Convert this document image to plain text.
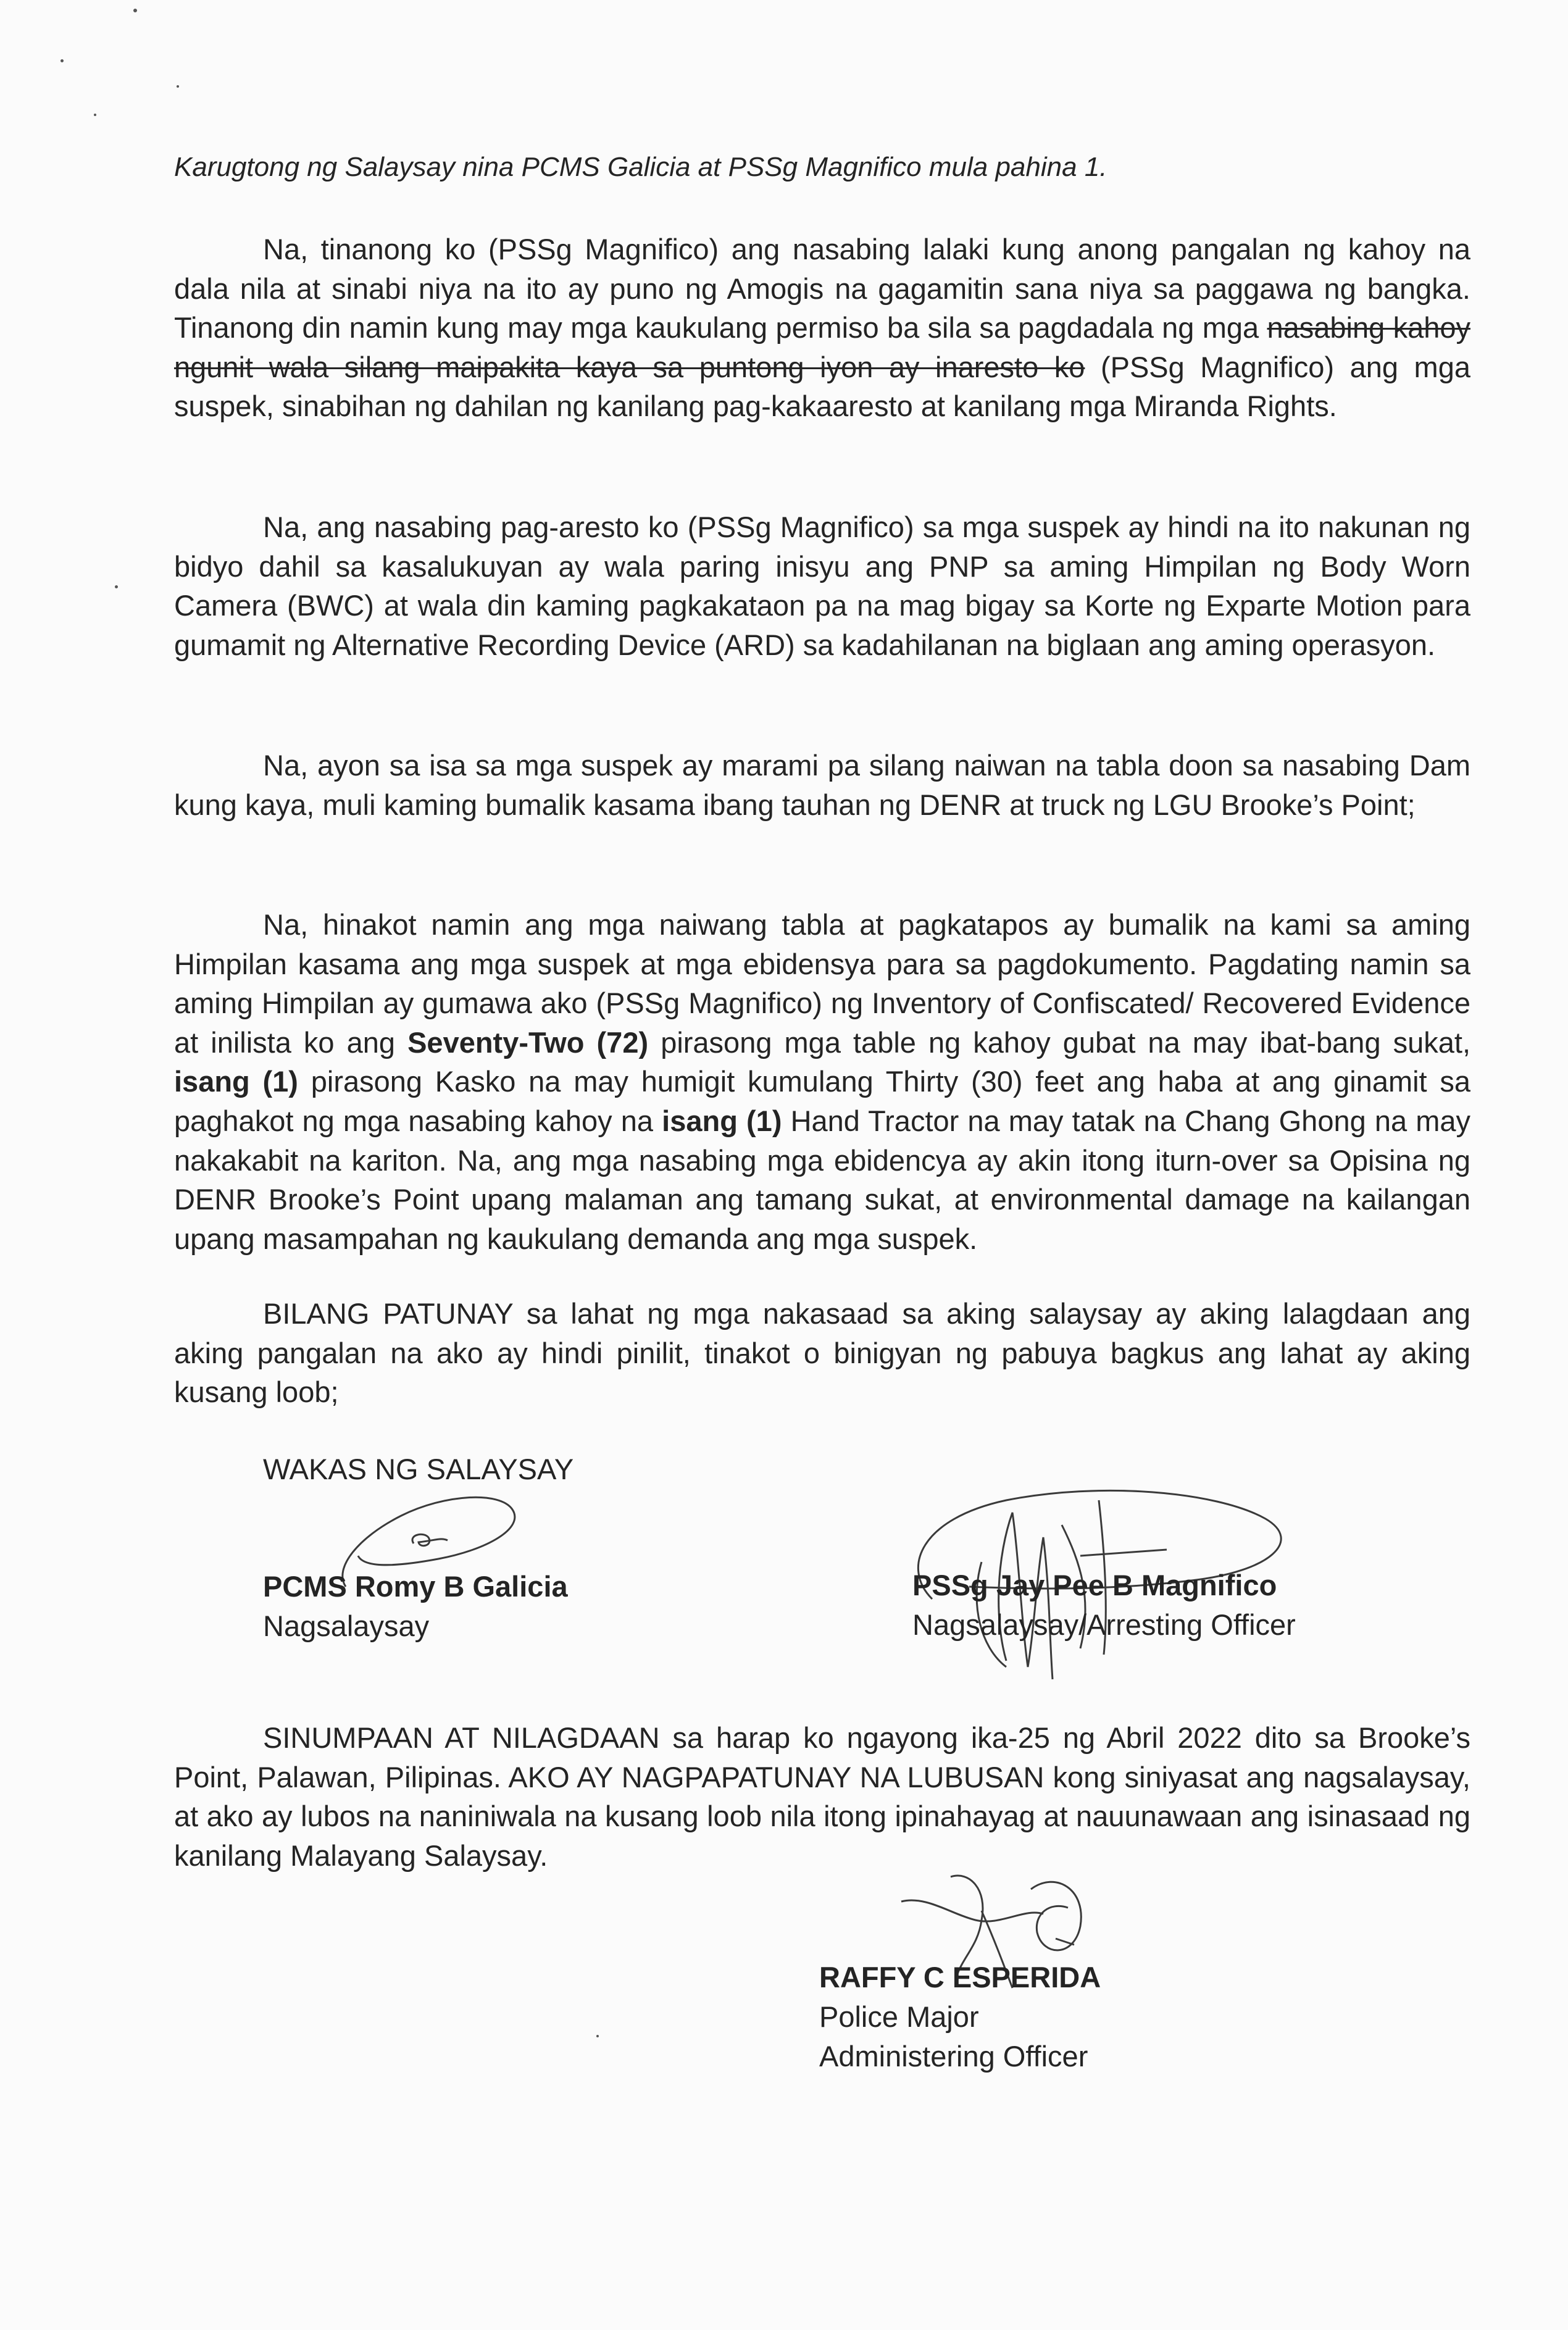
Karugtong ng Salaysay nina PCMS Galicia at PSSg Magnifico mula pahina 1.

Na, tinanong ko (PSSg Magnifico) ang nasabing lalaki kung anong pangalan ng kahoy na dala nila at sinabi niya na ito ay puno ng Amogis na gagamitin sana niya sa paggawa ng bangka. Tinanong din namin kung may mga kaukulang permiso ba sila sa pagdadala ng mga nasabing kahoy ngunit wala silang maipakita kaya sa puntong iyon ay inaresto ko (PSSg Magnifico) ang mga suspek, sinabihan ng dahilan ng kanilang pag-kakaaresto at kanilang mga Miranda Rights.

Na, ang nasabing pag-aresto ko (PSSg Magnifico) sa mga suspek ay hindi na ito nakunan ng bidyo dahil sa kasalukuyan ay wala paring inisyu ang PNP sa aming Himpilan ng Body Worn Camera (BWC) at wala din kaming pagkakataon pa na mag bigay sa Korte ng Exparte Motion para gumamit ng Alternative Recording Device (ARD) sa kadahilanan na biglaan ang aming operasyon.

Na, ayon sa isa sa mga suspek ay marami pa silang naiwan na tabla doon sa nasabing Dam kung kaya, muli kaming bumalik kasama ibang tauhan ng DENR at truck ng LGU Brooke’s Point;

Na, hinakot namin ang mga naiwang tabla at pagkatapos ay bumalik na kami sa aming Himpilan kasama ang mga suspek at mga ebidensya para sa pagdokumento. Pagdating namin sa aming Himpilan ay gumawa ako (PSSg Magnifico) ng Inventory of Confiscated/ Recovered Evidence at inilista ko ang Seventy-Two (72) pirasong mga table ng kahoy gubat na may ibat-bang sukat, isang (1) pirasong Kasko na may humigit kumulang Thirty (30) feet ang haba at ang ginamit sa paghakot ng mga nasabing kahoy na isang (1) Hand Tractor na may tatak na Chang Ghong na may nakakabit na kariton. Na, ang mga nasabing mga ebidencya ay akin itong iturn-over sa Opisina ng DENR Brooke’s Point upang malaman ang tamang sukat, at environmental damage na kailangan upang masampahan ng kaukulang demanda ang mga suspek.

BILANG PATUNAY sa lahat ng mga nakasaad sa aking salaysay ay aking lalagdaan ang aking pangalan na ako ay hindi pinilit, tinakot o binigyan ng pabuya bagkus ang lahat ay aking kusang loob;

WAKAS NG SALAYSAY

PCMS Romy B Galicia
Nagsalaysay
PSSg Jay Pee B Magnifico
Nagsalaysay/Arresting Officer

SINUMPAAN AT NILAGDAAN sa harap ko ngayong ika-25 ng Abril 2022 dito sa Brooke’s Point, Palawan, Pilipinas. AKO AY NAGPAPATUNAY NA LUBUSAN kong siniyasat ang nagsalaysay, at ako ay lubos na naniniwala na kusang loob nila itong ipinahayag at nauunawaan ang isinasaad ng kanilang Malayang Salaysay.

RAFFY C ESPERIDA
Police Major
Administering Officer
